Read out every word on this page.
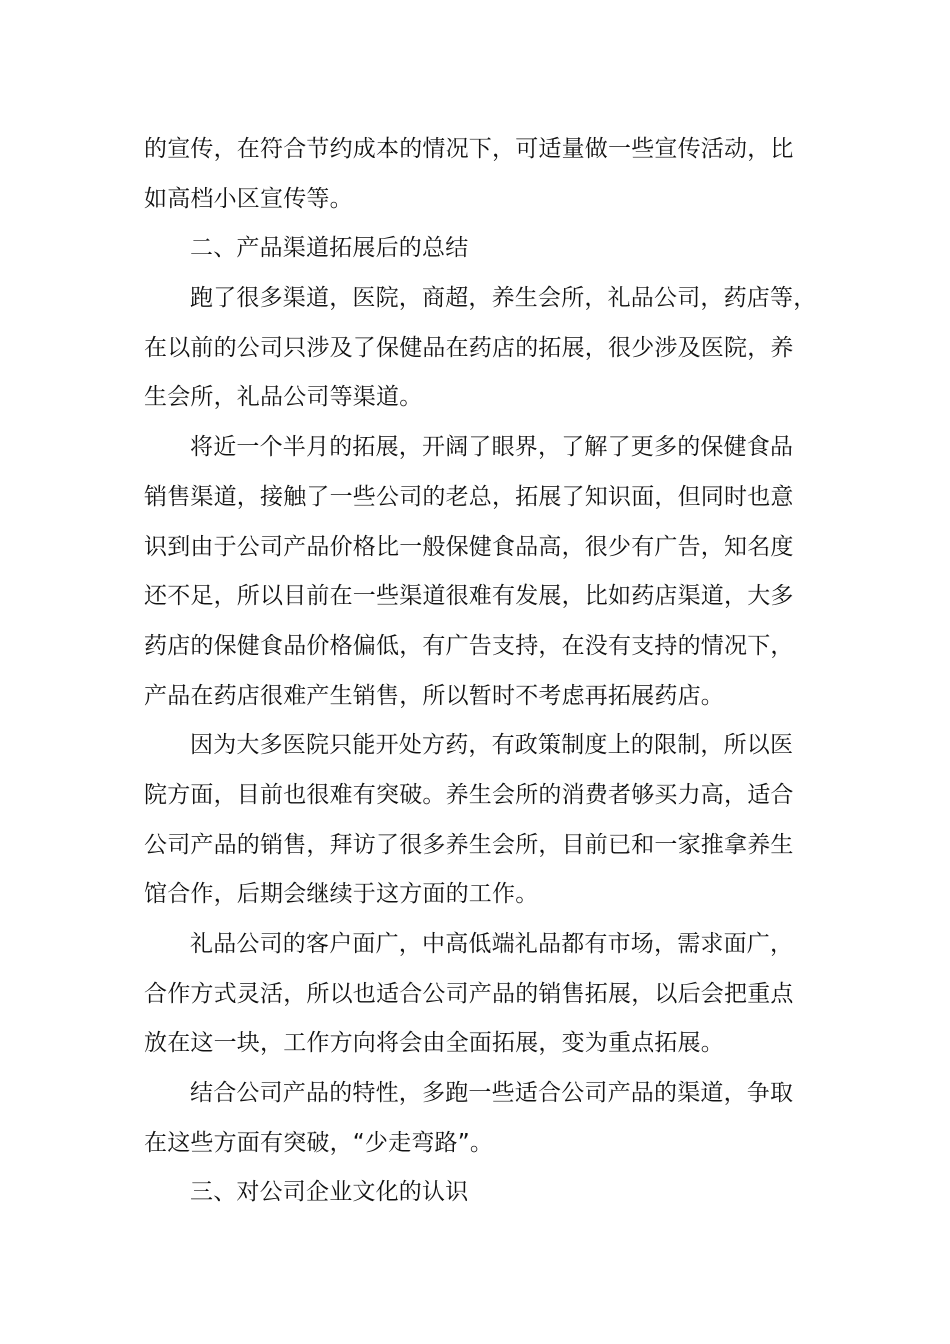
的宣传，在符合节约成本的情况下，可适量做一些宣传活动，比
如高档小区宣传等。
二、产品渠道拓展后的总结
跑了很多渠道，医院，商超，养生会所，礼品公司，药店等，
在以前的公司只涉及了保健品在药店的拓展，很少涉及医院，养
生会所，礼品公司等渠道。
将近一个半月的拓展，开阔了眼界，了解了更多的保健食品
销售渠道，接触了一些公司的老总，拓展了知识面，但同时也意
识到由于公司产品价格比一般保健食品高，很少有广告，知名度
还不足，所以目前在一些渠道很难有发展，比如药店渠道，大多
药店的保健食品价格偏低，有广告支持，在没有支持的情况下，
产品在药店很难产生销售，所以暂时不考虑再拓展药店。
因为大多医院只能开处方药，有政策制度上的限制，所以医
院方面，目前也很难有突破。养生会所的消费者够买力高，适合
公司产品的销售，拜访了很多养生会所，目前已和一家推拿养生
馆合作，后期会继续于这方面的工作。
礼品公司的客户面广，中高低端礼品都有市场，需求面广，
合作方式灵活，所以也适合公司产品的销售拓展，以后会把重点
放在这一块，工作方向将会由全面拓展，变为重点拓展。
结合公司产品的特性，多跑一些适合公司产品的渠道，争取
在这些方面有突破，“少走弯路”。
三、对公司企业文化的认识
